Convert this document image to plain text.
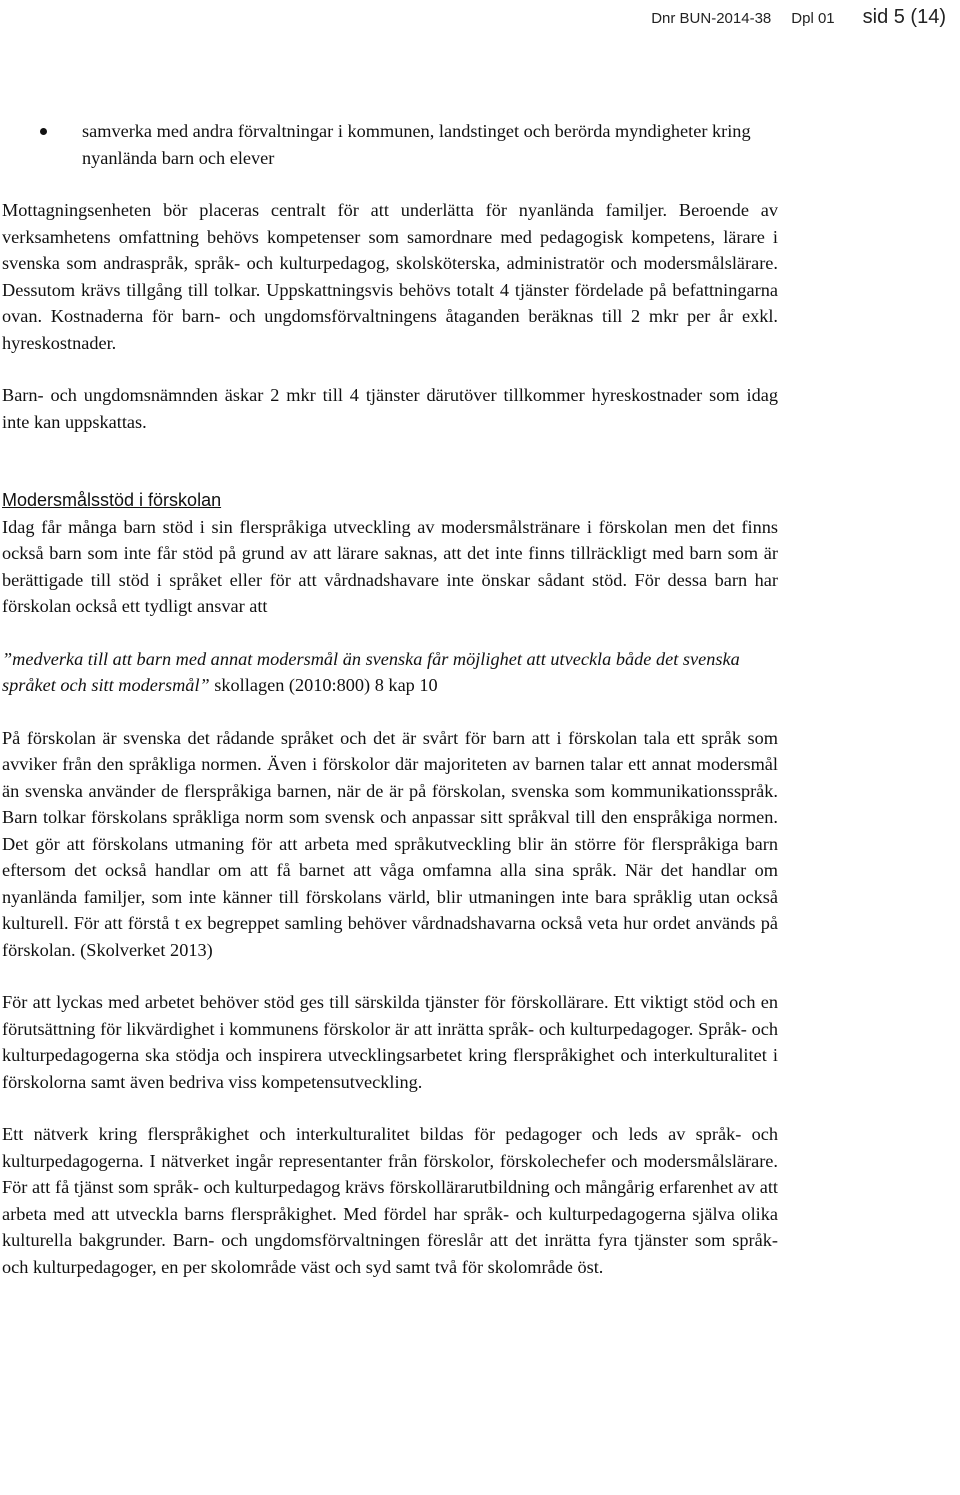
Dnr BUN-2014-38 Dpl 01 sid 5 (14)

samverka med andra förvaltningar i kommunen, landstinget och berörda myndigheter kring nyanlända barn och elever

Mottagningsenheten bör placeras centralt för att underlätta för nyanlända familjer. Beroende av verksamhetens omfattning behövs kompetenser som samordnare med pedagogisk kompetens, lärare i svenska som andraspråk, språk- och kulturpedagog, skolsköterska, administratör och modersmålslärare. Dessutom krävs tillgång till tolkar. Uppskattningsvis behövs totalt 4 tjänster fördelade på befattningarna ovan. Kostnaderna för barn- och ungdomsförvaltningens åtaganden beräknas till 2 mkr per år exkl. hyreskostnader.

Barn- och ungdomsnämnden äskar 2 mkr till 4 tjänster därutöver tillkommer hyreskostnader som idag inte kan uppskattas.

Modersmålsstöd i förskolan

Idag får många barn stöd i sin flerspråkiga utveckling av modersmålstränare i förskolan men det finns också barn som inte får stöd på grund av att lärare saknas, att det inte finns tillräckligt med barn som är berättigade till stöd i språket eller för att vårdnadshavare inte önskar sådant stöd. För dessa barn har förskolan också ett tydligt ansvar att

”medverka till att barn med annat modersmål än svenska får möjlighet att utveckla både det svenska språket och sitt modersmål” skollagen (2010:800) 8 kap 10

På förskolan är svenska det rådande språket och det är svårt för barn att i förskolan tala ett språk som avviker från den språkliga normen. Även i förskolor där majoriteten av barnen talar ett annat modersmål än svenska använder de flerspråkiga barnen, när de är på förskolan, svenska som kommunikationsspråk. Barn tolkar förskolans språkliga norm som svensk och anpassar sitt språkval till den enspråkiga normen. Det gör att förskolans utmaning för att arbeta med språkutveckling blir än större för flerspråkiga barn eftersom det också handlar om att få barnet att våga omfamna alla sina språk. När det handlar om nyanlända familjer, som inte känner till förskolans värld, blir utmaningen inte bara språklig utan också kulturell. För att förstå t ex begreppet samling behöver vårdnadshavarna också veta hur ordet används på förskolan. (Skolverket 2013)

För att lyckas med arbetet behöver stöd ges till särskilda tjänster för förskollärare. Ett viktigt stöd och en förutsättning för likvärdighet i kommunens förskolor är att inrätta språk- och kulturpedagoger. Språk- och kulturpedagogerna ska stödja och inspirera utvecklingsarbetet kring flerspråkighet och interkulturalitet i förskolorna samt även bedriva viss kompetensutveckling.

Ett nätverk kring flerspråkighet och interkulturalitet bildas för pedagoger och leds av språk- och kulturpedagogerna. I nätverket ingår representanter från förskolor, förskolechefer och modersmålslärare. För att få tjänst som språk- och kulturpedagog krävs förskollärarutbildning och mångårig erfarenhet av att arbeta med att utveckla barns flerspråkighet. Med fördel har språk- och kulturpedagogerna själva olika kulturella bakgrunder. Barn- och ungdomsförvaltningen föreslår att det inrätta fyra tjänster som språk- och kulturpedagoger, en per skolområde väst och syd samt två för skolområde öst.
